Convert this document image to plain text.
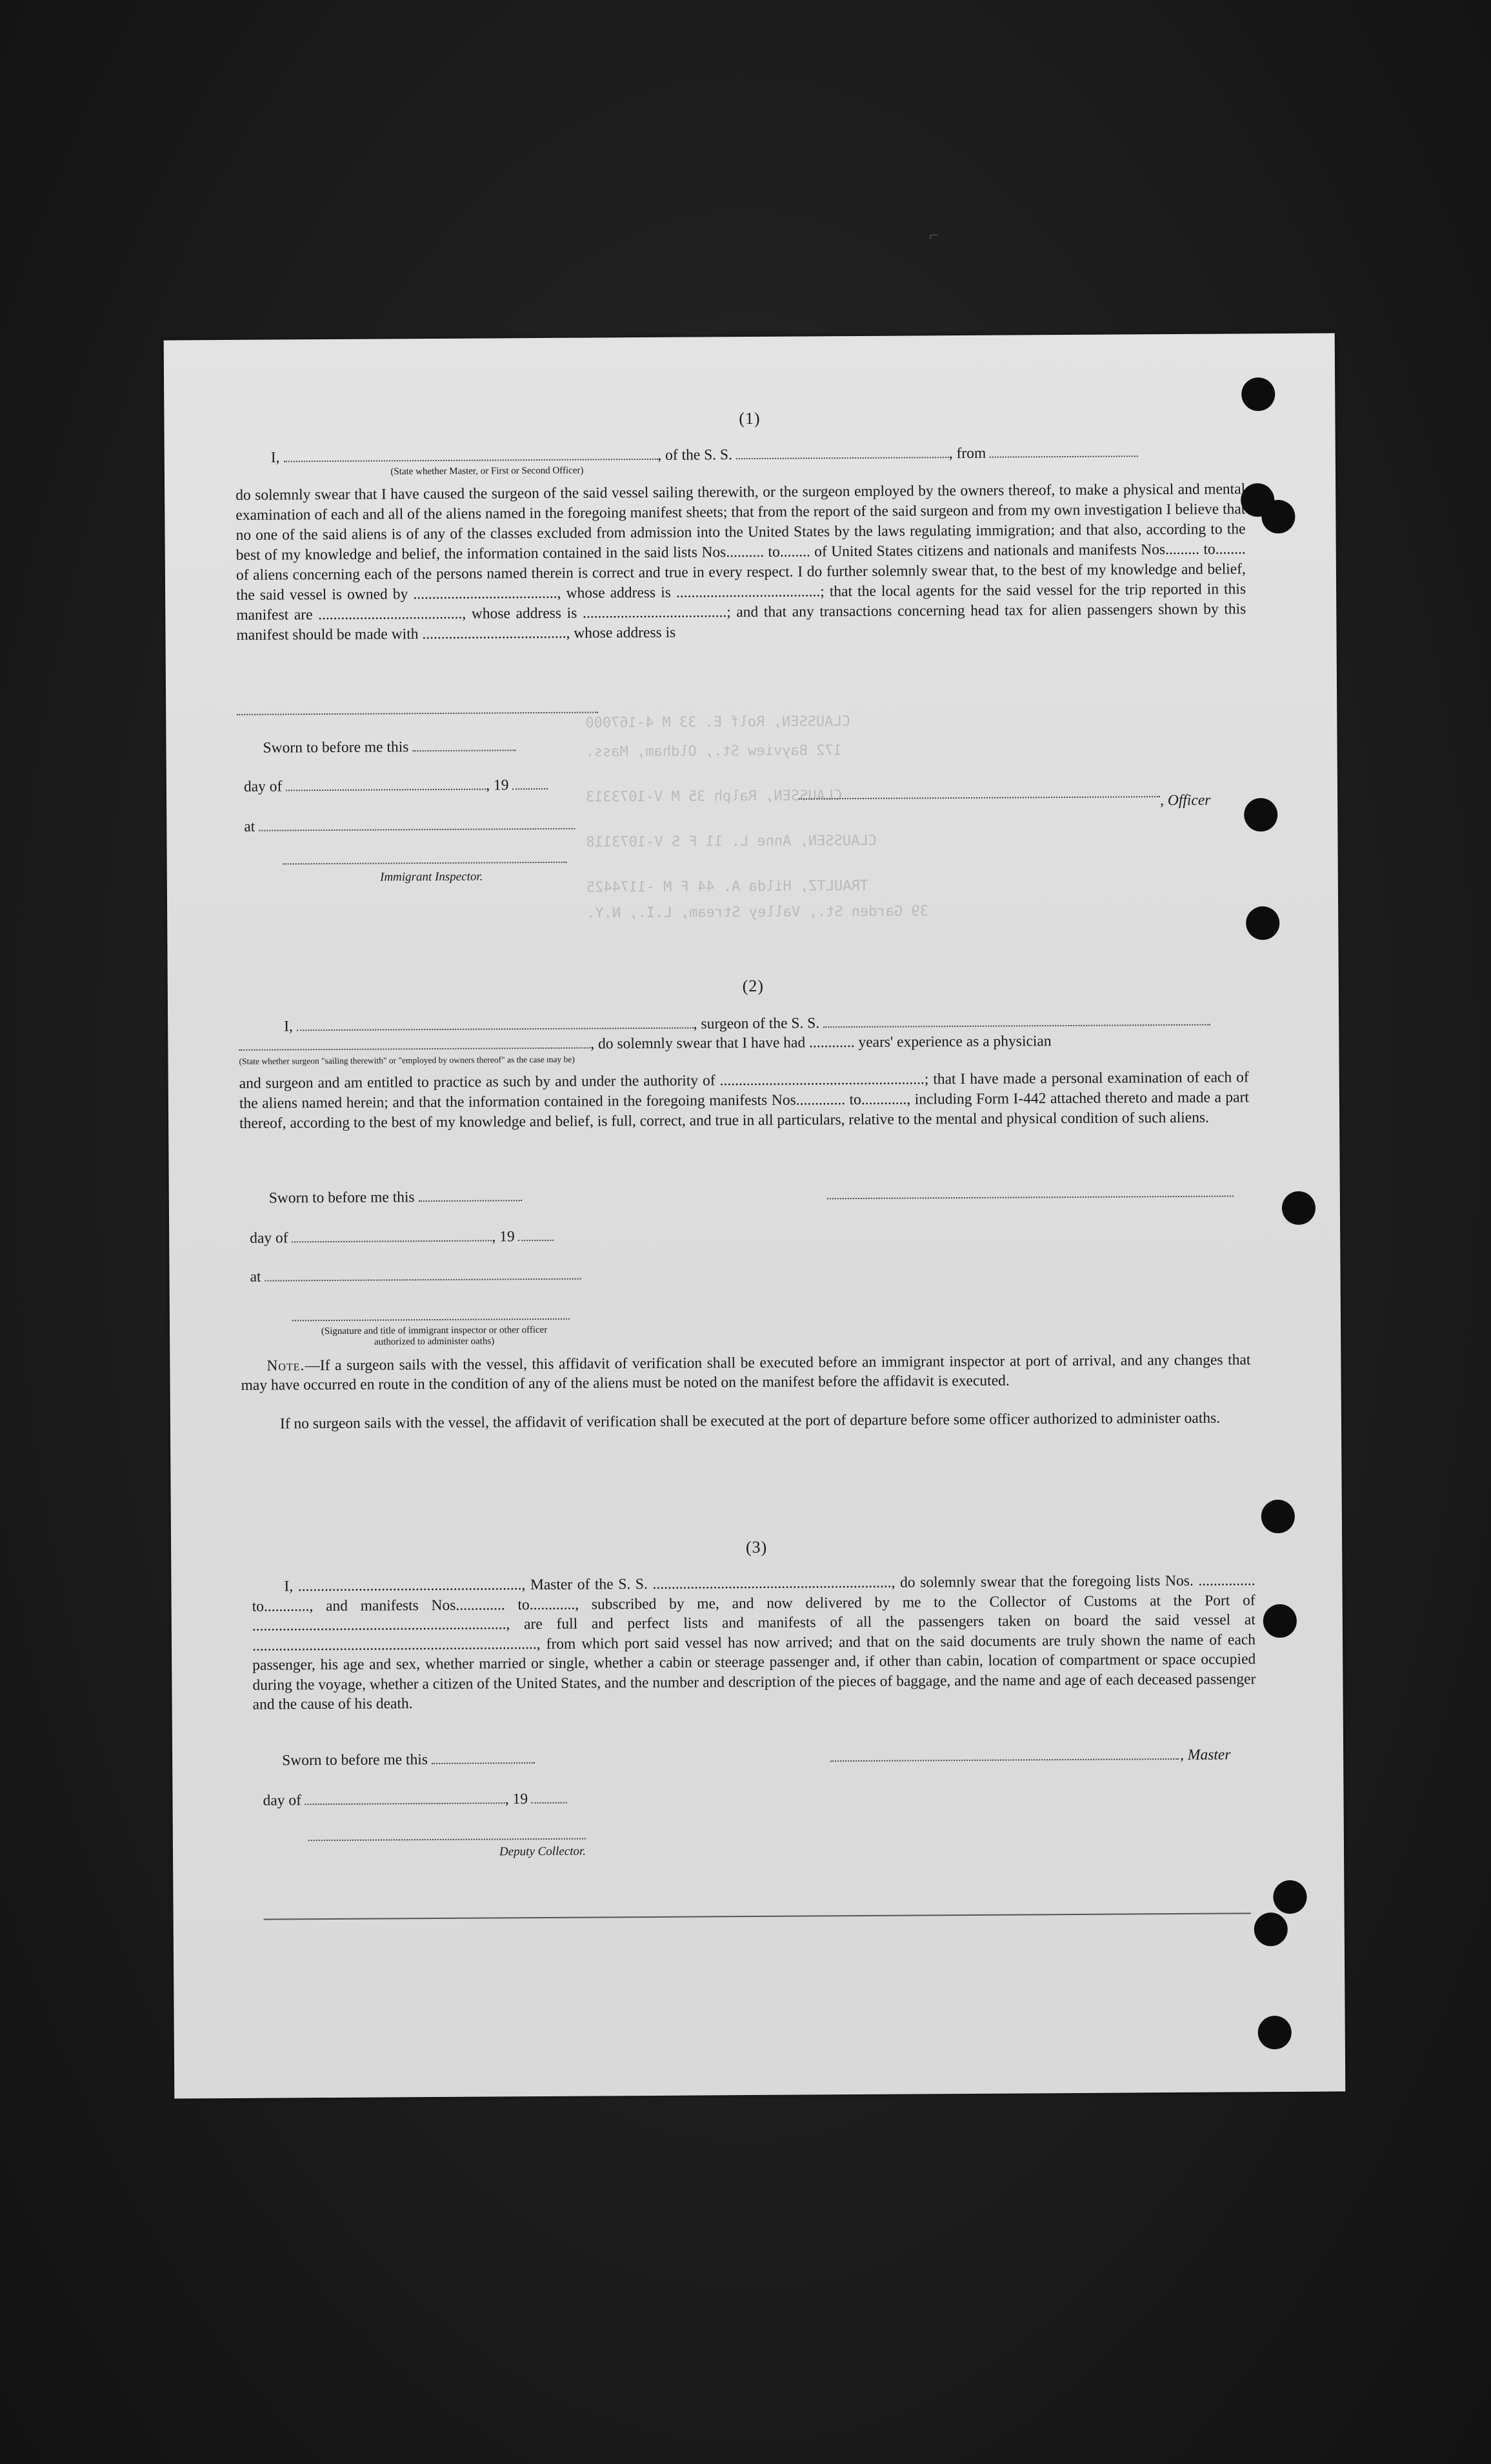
CLAUSSEN, Rolf E. 33 M 4-167000
172 Bayview St., Oldham, Mass.
CLAUSSEN, Ralph 35 M V-1073313
CLAUSSEN, Anne L. 11 F S V-1073118
TRAULTZ, Hilda A. 44 F M -1174425
39 Garden St., Valley Stream, L.I., N.Y.
(1)
I,	, of the S. S.	, from
(State whether Master, or First or Second Officer)

do solemnly swear that I have caused the surgeon of the said vessel sailing therewith, or the surgeon employed by the owners thereof, to make a physical and mental examination of each and all of the aliens named in the foregoing manifest sheets; that from the report of the said surgeon and from my own investigation I believe that no one of the said aliens is of any of the classes excluded from admission into the United States by the laws regulating immigration; and that also, according to the best of my knowledge and belief, the information contained in the said lists Nos.......... to........ of United States citizens and nationals and manifests Nos......... to........ of aliens concerning each of the persons named therein is correct and true in every respect. I do further solemnly swear that, to the best of my knowledge and belief, the said vessel is owned by ......................................, whose address is ......................................; that the local agents for the said vessel for the trip reported in this manifest are ......................................, whose address is ......................................; and that any transactions concerning head tax for alien passengers shown by this manifest should be made with ......................................, whose address is

Sworn to before me this
day of	, 19
at
, Officer
Immigrant Inspector.
(2)
I,	, surgeon of the S. S.
, do solemnly swear that I have had ............ years' experience as a physician
(State whether surgeon "sailing therewith" or "employed by owners thereof" as the case may be)

and surgeon and am entitled to practice as such by and under the authority of ......................................................; that I have made a personal examination of each of the aliens named herein; and that the information contained in the foregoing manifests Nos............. to............, including Form I-442 attached thereto and made a part thereof, according to the best of my knowledge and belief, is full, correct, and true in all particulars, relative to the mental and physical condition of such aliens.

Sworn to before me this
day of	, 19
at
(Signature and title of immigrant inspector or other officer authorized to administer oaths)
Note.—If a surgeon sails with the vessel, this affidavit of verification shall be executed before an immigrant inspector at port of arrival, and any changes that may have occurred en route in the condition of any of the aliens must be noted on the manifest before the affidavit is executed.
If no surgeon sails with the vessel, the affidavit of verification shall be executed at the port of departure before some officer authorized to administer oaths.
(3)

I, ..........................................................., Master of the S. S. ..............................................................., do solemnly swear that the foregoing lists Nos. ............... to............, and manifests Nos............. to............, subscribed by me, and now delivered by me to the Collector of Customs at the Port of ..................................................................., are full and perfect lists and manifests of all the passengers taken on board the said vessel at ..........................................................................., from which port said vessel has now arrived; and that on the said documents are truly shown the name of each passenger, his age and sex, whether married or single, whether a cabin or steerage passenger and, if other than cabin, location of compartment or space occupied during the voyage, whether a citizen of the United States, and the number and description of the pieces of baggage, and the name and age of each deceased passenger and the cause of his death.

Sworn to before me this	, Master
day of	, 19
Deputy Collector.
⌐
